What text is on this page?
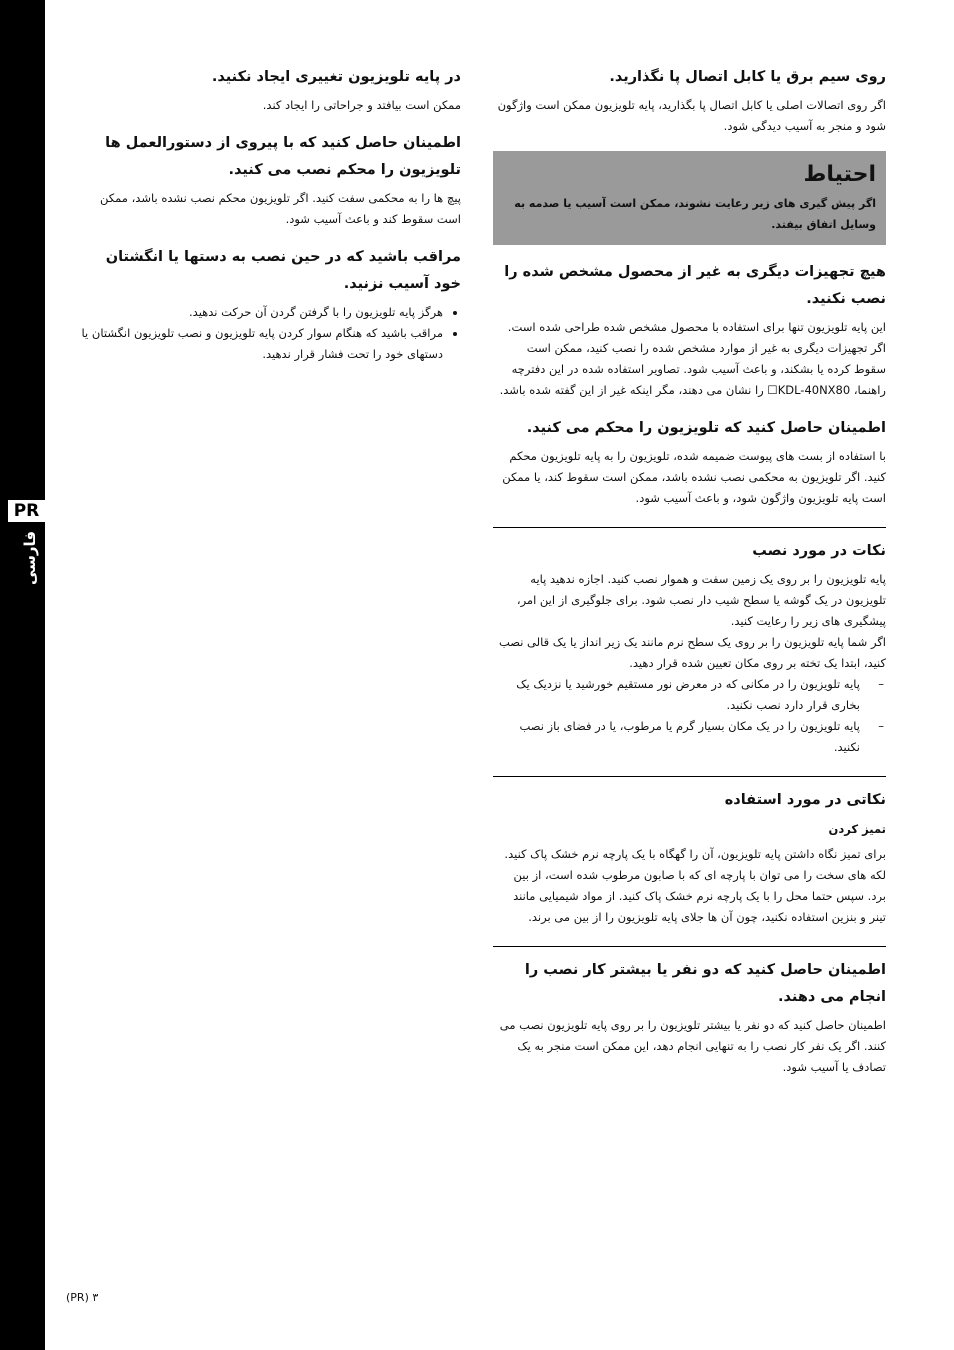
PR
فارسی
روی سیم برق یا کابل اتصال پا نگذارید.

اگر روی اتصالات اصلی یا کابل اتصال پا بگذارید، پایه تلویزیون ممکن است واژگون شود و منجر به آسیب دیدگی شود.

احتیاط
اگر پیش گیری های زیر رعایت نشوند، ممکن است آسیب یا صدمه به وسایل اتفاق بیفتد.
هیچ تجهیزات دیگری به غیر از محصول مشخص شده را نصب نکنید.

این پایه تلویزیون تنها برای استفاده با محصول مشخص شده طراحی شده است. اگر تجهیزات دیگری به غیر از موارد مشخص شده را نصب کنید، ممکن است سقوط کرده یا بشکند، و باعث آسیب شود. تصاویر استفاده شده در این دفترچه راهنما، KDL-40NX80☐ را نشان می دهند، مگر اینکه غیر از این گفته شده باشد.

اطمینان حاصل کنید که تلویزیون را محکم می کنید.

با استفاده از بست های پیوست ضمیمه شده، تلویزیون را به پایه تلویزیون محکم کنید. اگر تلویزیون به محکمی نصب نشده باشد، ممکن است سقوط کند، یا ممکن است پایه تلویزیون واژگون شود، و باعث آسیب شود.

نکات در مورد نصب

پایه تلویزیون را بر روی یک زمین سفت و هموار نصب کنید. اجازه ندهید پایه تلویزیون در یک گوشه یا سطح شیب دار نصب شود. برای جلوگیری از این امر، پیشگیری های زیر را رعایت کنید.

اگر شما پایه تلویزیون را بر روی یک سطح نرم مانند یک زیر انداز یا یک قالی نصب کنید، ابتدا یک تخته بر روی مکان تعیین شده قرار دهید.

– پایه تلویزیون را در مکانی که در معرض نور مستقیم خورشید یا نزدیک یک بخاری قرار دارد نصب نکنید.
– پایه تلویزیون را در یک مکان بسیار گرم یا مرطوب، یا در فضای باز نصب نکنید.
نکاتی در مورد استفاده
تمیز کردن

برای تمیز نگاه داشتن پایه تلویزیون، آن را گهگاه با یک پارچه نرم خشک پاک کنید. لکه های سخت را می توان با پارچه ای که با صابون مرطوب شده است، از بین برد. سپس حتما محل را با یک پارچه نرم خشک پاک کنید. از مواد شیمیایی مانند تینر و بنزین استفاده نکنید، چون آن ها جلای پایه تلویزیون را از بین می برند.

اطمینان حاصل کنید که دو نفر یا بیشتر کار نصب را انجام می دهند.

اطمینان حاصل کنید که دو نفر یا بیشتر تلویزیون را بر روی پایه تلویزیون نصب می کنند. اگر یک نفر کار نصب را به تنهایی انجام دهد، این ممکن است منجر به یک تصادف یا آسیب شود.

در پایه تلویزیون تغییری ایجاد نکنید.

ممکن است بیافتد و جراحاتی را ایجاد کند.

اطمینان حاصل کنید که با پیروی از دستورالعمل ها تلویزیون را محکم نصب می کنید.

پیچ ها را به محکمی سفت کنید. اگر تلویزیون محکم نصب نشده باشد، ممکن است سقوط کند و باعث آسیب شود.

مراقب باشید که در حین نصب به دستها یا انگشتان خود آسیب نزنید.
• هرگز پایه تلویزیون را با گرفتن گردن آن حرکت ندهید.
• مراقب باشید که هنگام سوار کردن پایه تلویزیون و نصب تلویزیون انگشتان یا دستهای خود را تحت فشار قرار ندهید.
(PR) ۳
